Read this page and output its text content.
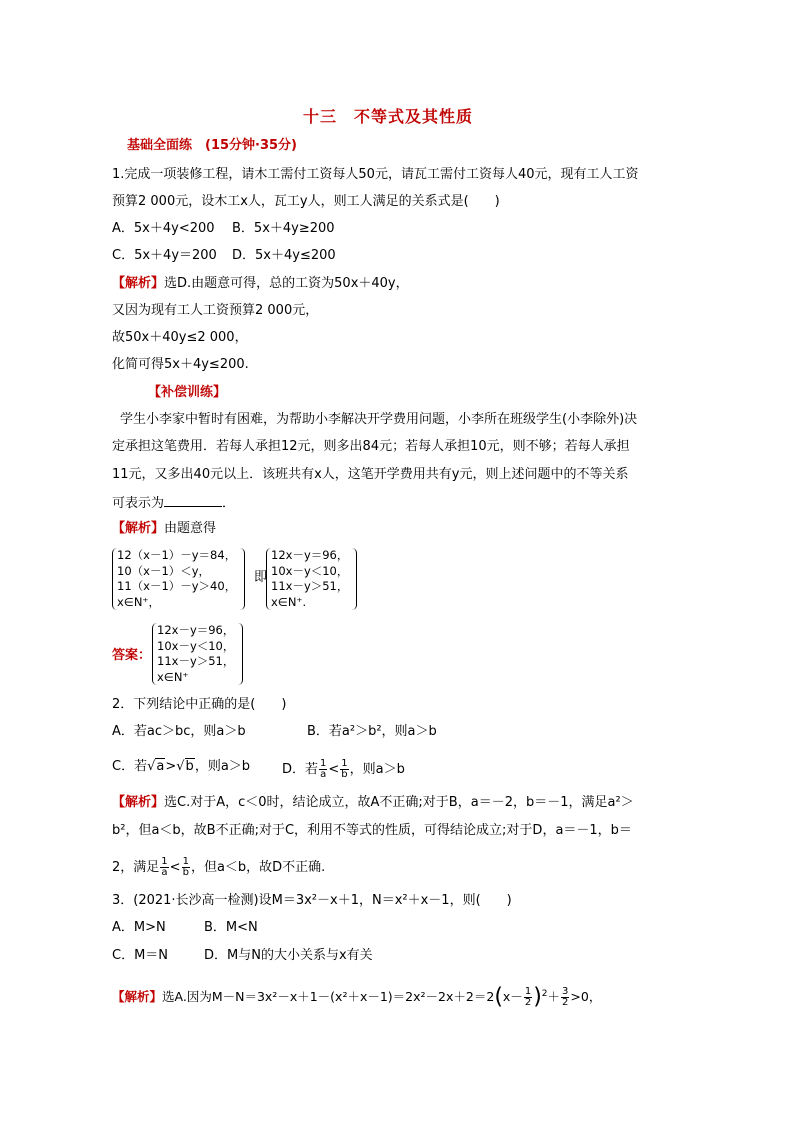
十三　不等式及其性质
基础全面练　(15分钟·35分)
1.完成一项装修工程，请木工需付工资每人50元，请瓦工需付工资每人40元，现有工人工资
预算2 000元，设木工x人，瓦工y人，则工人满足的关系式是(　　)
A．5x＋4y<200 B．5x＋4y≥200
C．5x＋4y＝200 D．5x＋4y≤200
【解析】选D.由题意可得，总的工资为50x＋40y，
又因为现有工人工资预算2 000元，
故50x＋40y≤2 000，
化简可得5x＋4y≤200.
【补偿训练】
学生小李家中暂时有困难，为帮助小李解决开学费用问题，小李所在班级学生(小李除外)决
定承担这笔费用．若每人承担12元，则多出84元；若每人承担10元，则不够；若每人承担
11元，又多出40元以上．该班共有x人，这笔开学费用共有y元，则上述问题中的不等关系
可表示为	．
【解析】由题意得
12（x－1）－y＝84，
10（x－1）＜y，
11（x－1）－y＞40，
x∈N⁺，
即
12x－y＝96，
10x－y＜10，
11x－y＞51，
x∈N⁺.
答案：
12x－y＝96，
10x－y＜10，
11x－y＞51，
x∈N⁺
2．下列结论中正确的是(　　)
A．若ac＞bc，则a＞b	B．若a²＞b²，则a＞b
C．若√a>√b，则a＞b D．若 $\frac{1}{a} < \frac{1}{b}$ ，则a＞b
【解析】选C.对于A，c＜0时，结论成立，故A不正确;对于B，a＝－2，b＝－1，满足a²＞
b²，但a＜b，故B不正确;对于C，利用不等式的性质，可得结论成立;对于D，a＝－1，b＝
2，满足 $\frac{1}{a} < \frac{1}{b}$ ，但a＜b，故D不正确.
3．(2021·长沙高一检测)设M＝3x²－x＋1，N＝x²＋x－1，则(　　)
A．M>N	B．M<N
C．M＝N	D．M与N的大小关系与x有关
【解析】选A.因为$M-N=3x^2-x+1-(x^2+x-1)=2x^2-2x+2=2(x- \frac{1}{2} )^2+ \frac{3}{2} >0$，
